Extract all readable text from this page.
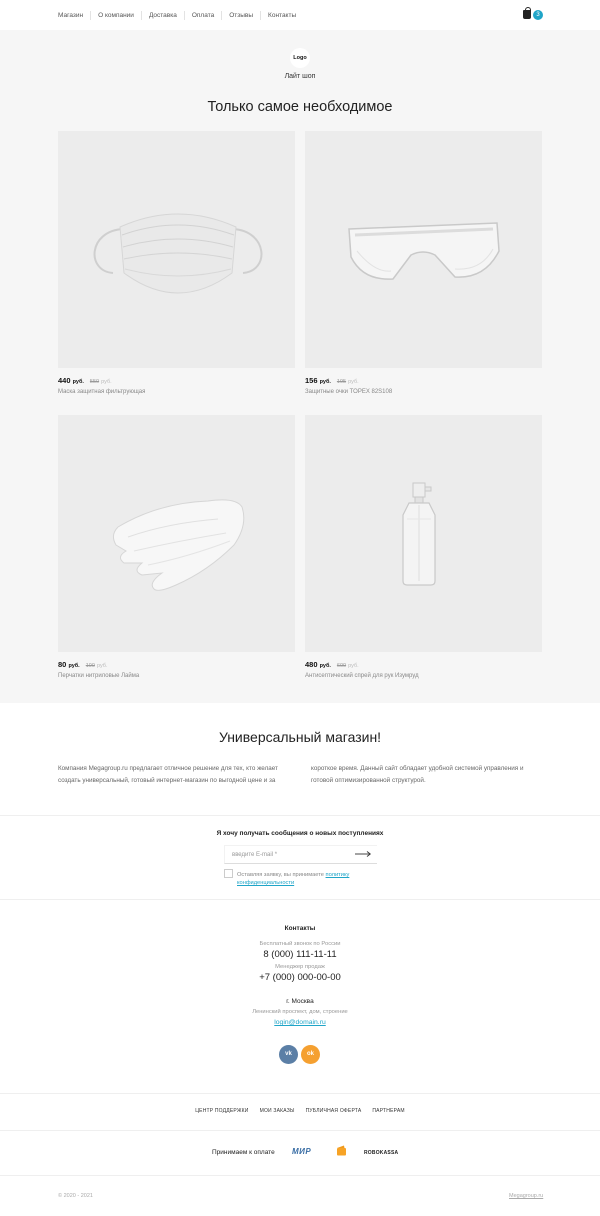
Магазин О компании Доставка Оплата Отзывы Контакты	3
Logo
Лайт шоп
Только самое необходимое
440 руб. 550 руб.
Маска защитная фильтрующая
156 руб. 195 руб.
Защитные очки TOPEX 82S108
80 руб. 100 руб.
Перчатки нитриловые Лайма
480 руб. 600 руб.
Антисептический спрей для рук Изумруд
Универсальный магазин!

Компания Megagroup.ru предлагает отличное решение для тех, кто желает создать универсальный, готовый интернет-магазин по выгодной цене и за короткое время. Данный сайт обладает удобной системой управления и готовой оптимизированной структурой.

Я хочу получать сообщения о новых поступлениях
введите E-mail *
Оставляя заявку, вы принимаете политику конфиденциальности
Контакты
Бесплатный звонок по России
8 (000) 111-11-11
Менеджер продаж
+7 (000) 000-00-00
г. Москва
Ленинский проспект, дом, строение
login@domain.ru
vk	ok
ЦЕНТР ПОДДЕРЖКИ МОИ ЗАКАЗЫ ПУБЛИЧНАЯ ОФЕРТА ПАРТНЕРАМ
Принимаем к оплате МИР	ROBOKASSA
© 2020 - 2021	Megagroup.ru
